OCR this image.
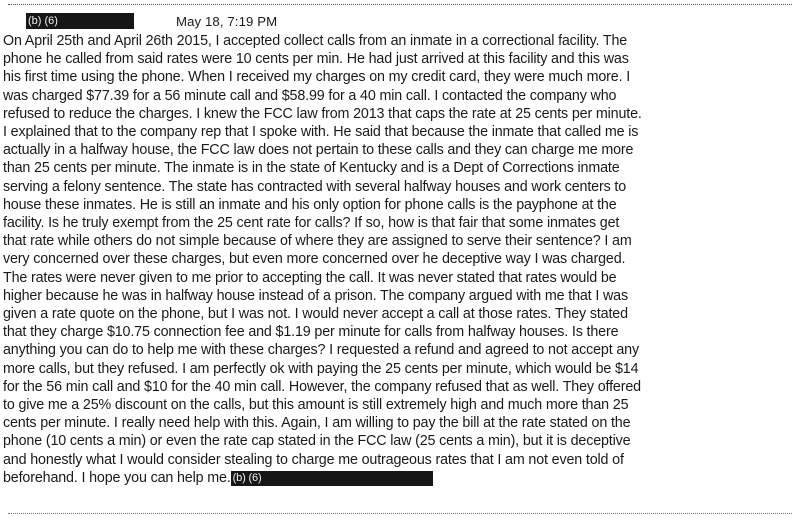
(b) (6)	May 18, 7:19 PM
On April 25th and April 26th 2015, I accepted collect calls from an inmate in a correctional facility. The
phone he called from said rates were 10 cents per min. He had just arrived at this facility and this was
his first time using the phone. When I received my charges on my credit card, they were much more. I
was charged $77.39 for a 56 minute call and $58.99 for a 40 min call. I contacted the company who
refused to reduce the charges. I knew the FCC law from 2013 that caps the rate at 25 cents per minute.
I explained that to the company rep that I spoke with. He said that because the inmate that called me is
actually in a halfway house, the FCC law does not pertain to these calls and they can charge me more
than 25 cents per minute. The inmate is in the state of Kentucky and is a Dept of Corrections inmate
serving a felony sentence. The state has contracted with several halfway houses and work centers to
house these inmates. He is still an inmate and his only option for phone calls is the payphone at the
facility. Is he truly exempt from the 25 cent rate for calls? If so, how is that fair that some inmates get
that rate while others do not simple because of where they are assigned to serve their sentence? I am
very concerned over these charges, but even more concerned over he deceptive way I was charged.
The rates were never given to me prior to accepting the call. It was never stated that rates would be
higher because he was in halfway house instead of a prison. The company argued with me that I was
given a rate quote on the phone, but I was not. I would never accept a call at those rates. They stated
that they charge $10.75 connection fee and $1.19 per minute for calls from halfway houses. Is there
anything you can do to help me with these charges? I requested a refund and agreed to not accept any
more calls, but they refused. I am perfectly ok with paying the 25 cents per minute, which would be $14
for the 56 min call and $10 for the 40 min call. However, the company refused that as well. They offered
to give me a 25% discount on the calls, but this amount is still extremely high and much more than 25
cents per minute. I really need help with this. Again, I am willing to pay the bill at the rate stated on the
phone (10 cents a min) or even the rate cap stated in the FCC law (25 cents a min), but it is deceptive
and honestly what I would consider stealing to charge me outrageous rates that I am not even told of
beforehand. I hope you can help me. (b) (6)
